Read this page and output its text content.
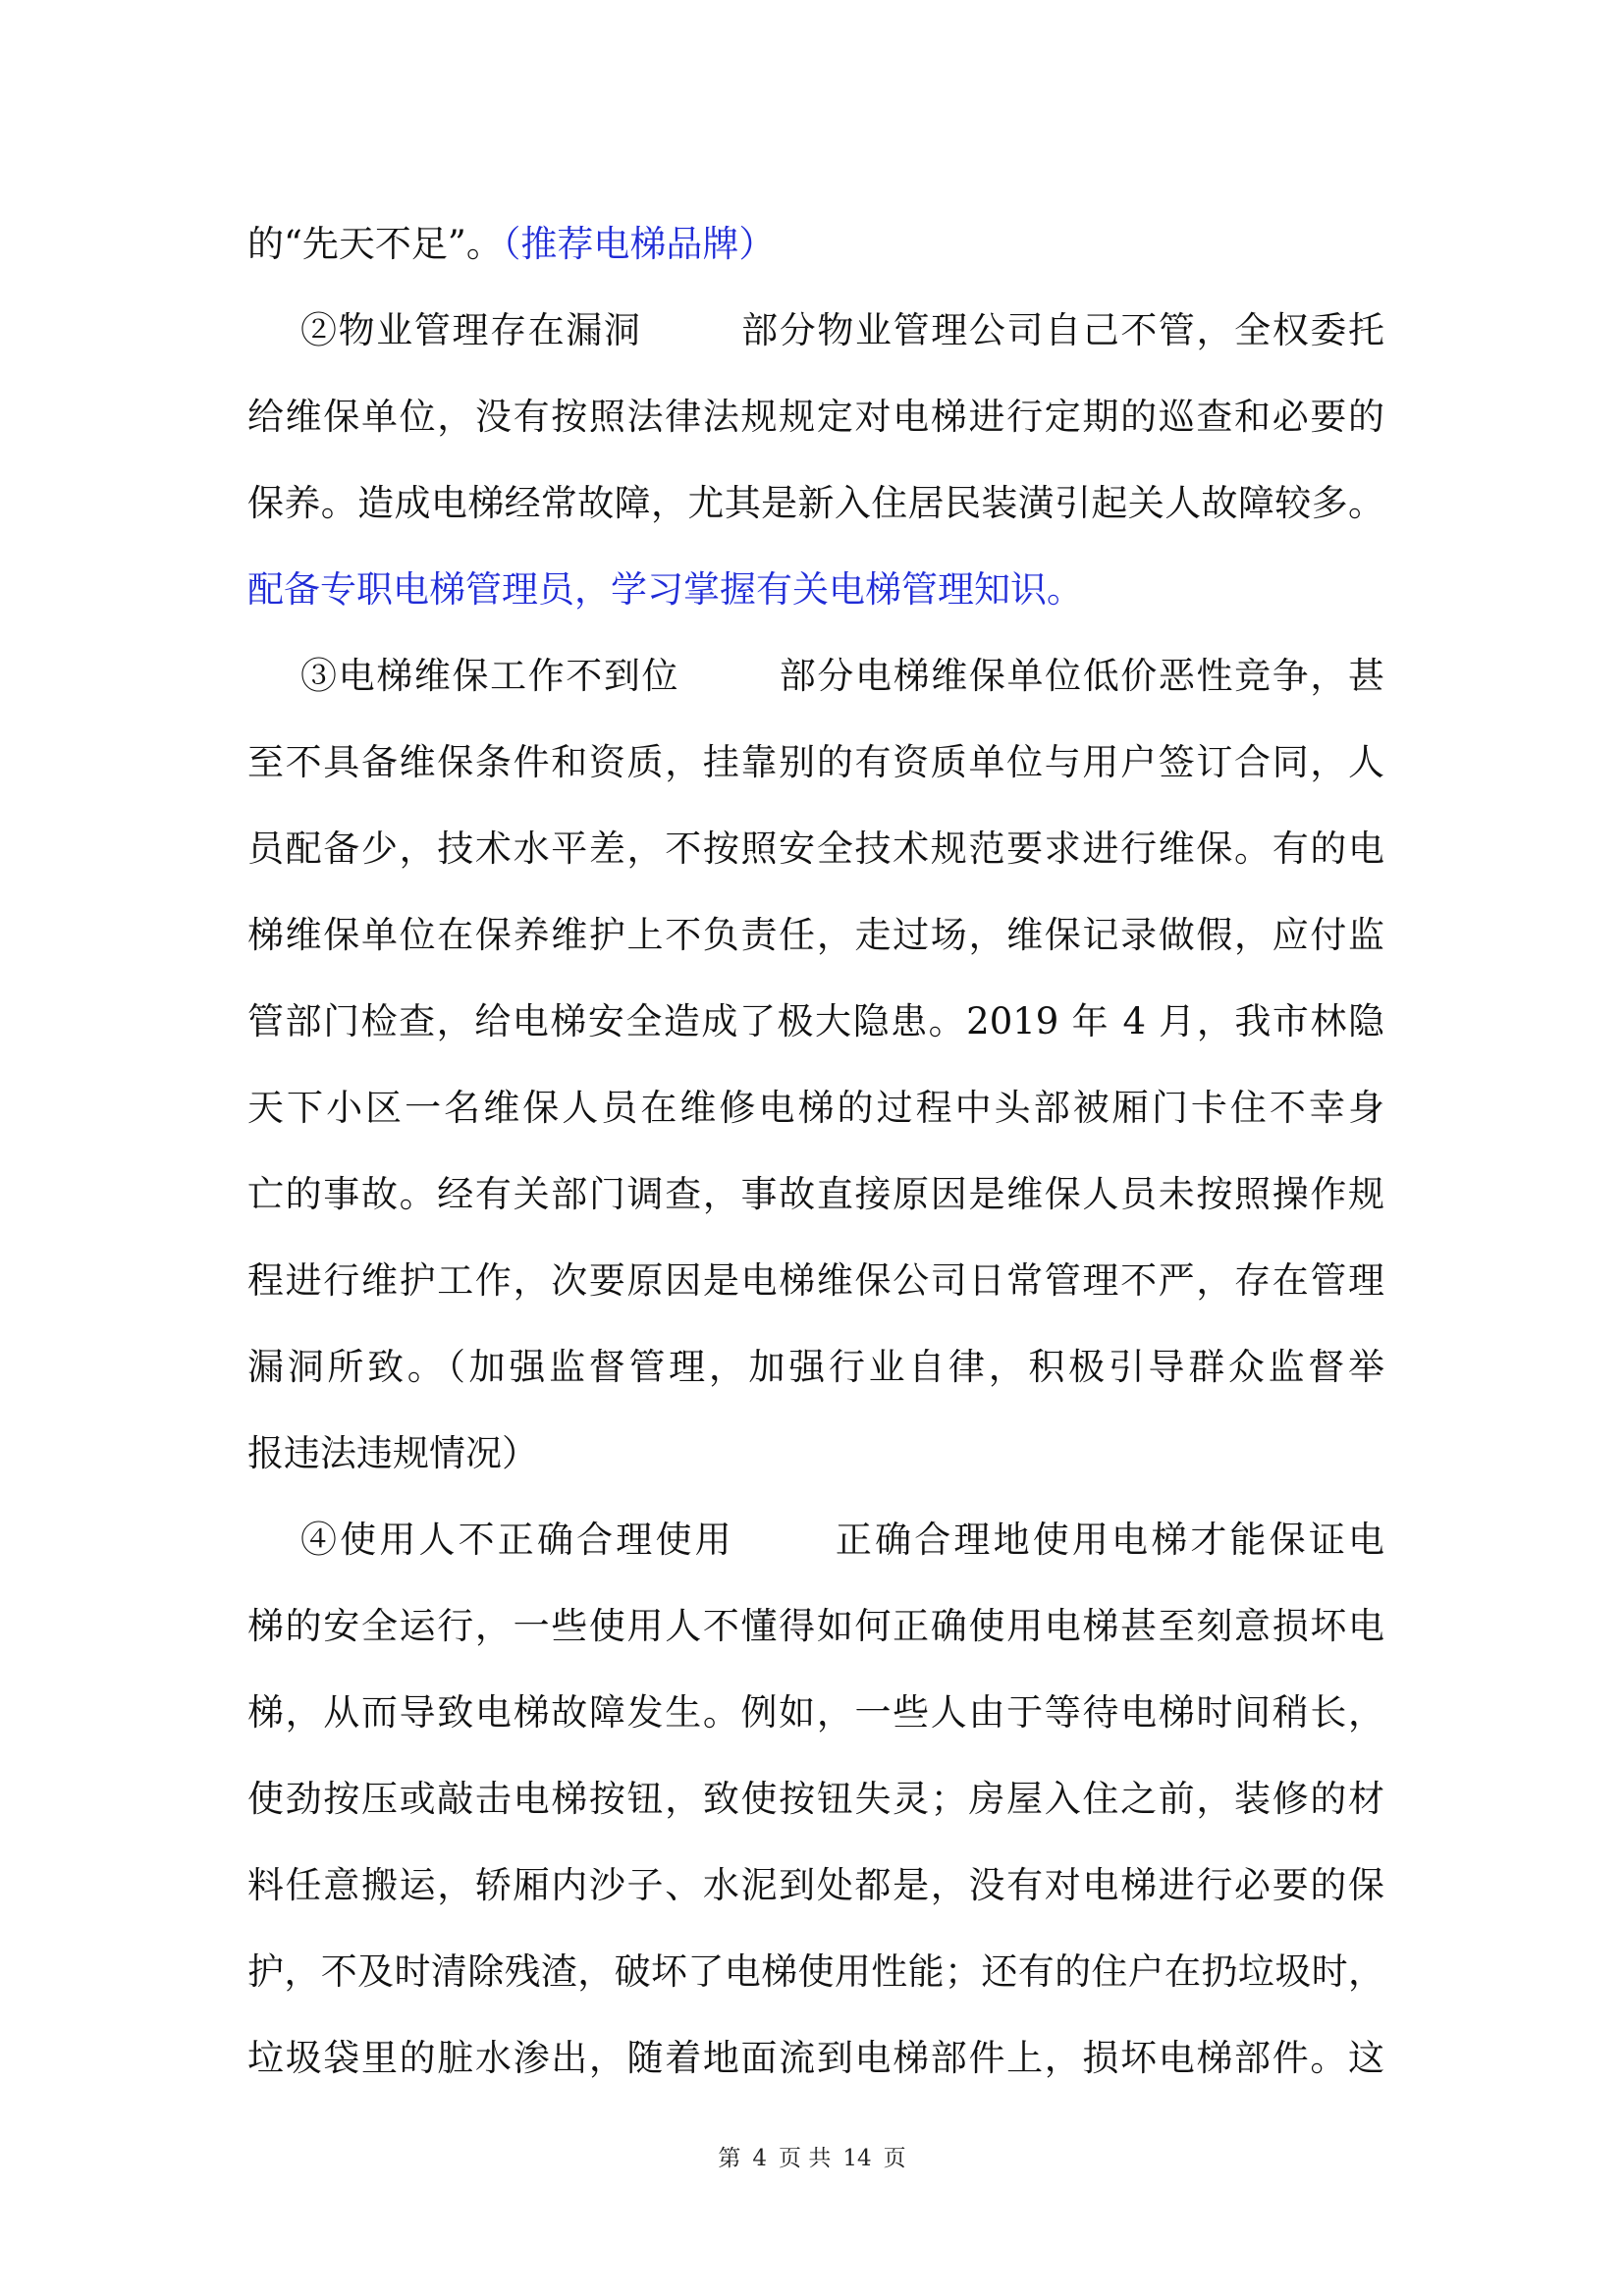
的“先天不足”。（推荐电梯品牌）
②物业管理存在漏洞	部分物业管理公司自己不管，全权委托
给维保单位，没有按照法律法规规定对电梯进行定期的巡查和必要的
保养。造成电梯经常故障，尤其是新入住居民装潢引起关人故障较多。
配备专职电梯管理员，学习掌握有关电梯管理知识。
③电梯维保工作不到位	部分电梯维保单位低价恶性竞争，甚
至不具备维保条件和资质，挂靠别的有资质单位与用户签订合同，人
员配备少，技术水平差，不按照安全技术规范要求进行维保。有的电
梯维保单位在保养维护上不负责任，走过场，维保记录做假，应付监
管部门检查，给电梯安全造成了极大隐患。2019 年 4 月，我市林隐
天下小区一名维保人员在维修电梯的过程中头部被厢门卡住不幸身
亡的事故。经有关部门调查，事故直接原因是维保人员未按照操作规
程进行维护工作，次要原因是电梯维保公司日常管理不严，存在管理
漏洞所致。（加强监督管理，加强行业自律，积极引导群众监督举
报违法违规情况）
④使用人不正确合理使用	正确合理地使用电梯才能保证电
梯的安全运行，一些使用人不懂得如何正确使用电梯甚至刻意损坏电
梯，从而导致电梯故障发生。例如，一些人由于等待电梯时间稍长，
使劲按压或敲击电梯按钮，致使按钮失灵；房屋入住之前，装修的材
料任意搬运，轿厢内沙子、水泥到处都是，没有对电梯进行必要的保
护，不及时清除残渣，破坏了电梯使用性能；还有的住户在扔垃圾时，
垃圾袋里的脏水渗出，随着地面流到电梯部件上，损坏电梯部件。这
第 4 页 共 14 页
